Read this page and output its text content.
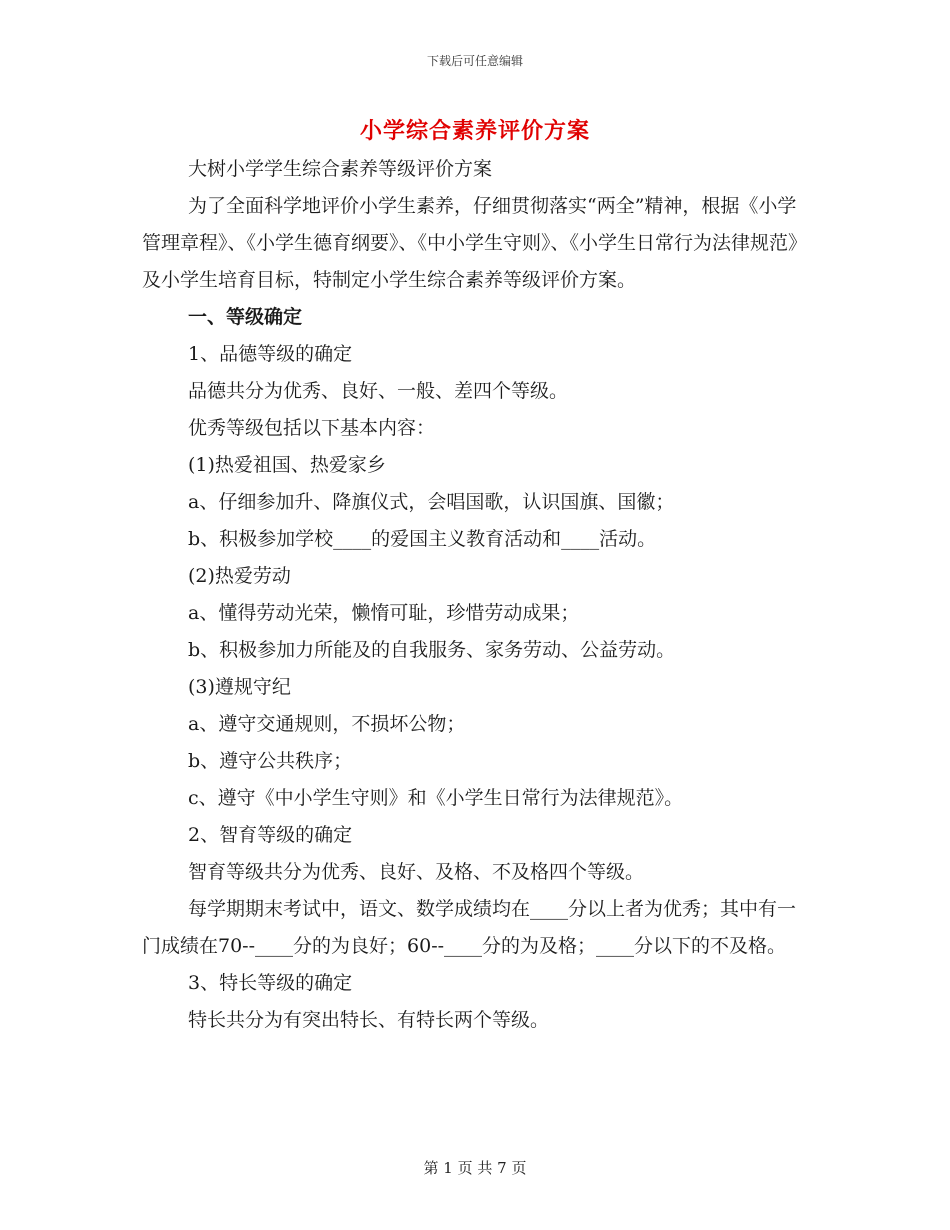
下载后可任意编辑
小学综合素养评价方案

大树小学学生综合素养等级评价方案

为了全面科学地评价小学生素养，仔细贯彻落实“两全”精神，根据《小学管理章程》、《小学生德育纲要》、《中小学生守则》、《小学生日常行为法律规范》及小学生培育目标，特制定小学生综合素养等级评价方案。

一、等级确定

1、品德等级的确定

品德共分为优秀、良好、一般、差四个等级。

优秀等级包括以下基本内容：

(1)热爱祖国、热爱家乡

a、仔细参加升、降旗仪式，会唱国歌，认识国旗、国徽；

b、积极参加学校____的爱国主义教育活动和____活动。

(2)热爱劳动

a、懂得劳动光荣，懒惰可耻，珍惜劳动成果；

b、积极参加力所能及的自我服务、家务劳动、公益劳动。

(3)遵规守纪

a、遵守交通规则，不损坏公物；

b、遵守公共秩序；

c、遵守《中小学生守则》和《小学生日常行为法律规范》。

2、智育等级的确定

智育等级共分为优秀、良好、及格、不及格四个等级。

每学期期末考试中，语文、数学成绩均在____分以上者为优秀；其中有一门成绩在70--____分的为良好；60--____分的为及格；____分以下的不及格。

3、特长等级的确定

特长共分为有突出特长、有特长两个等级。

第 1 页 共 7 页
